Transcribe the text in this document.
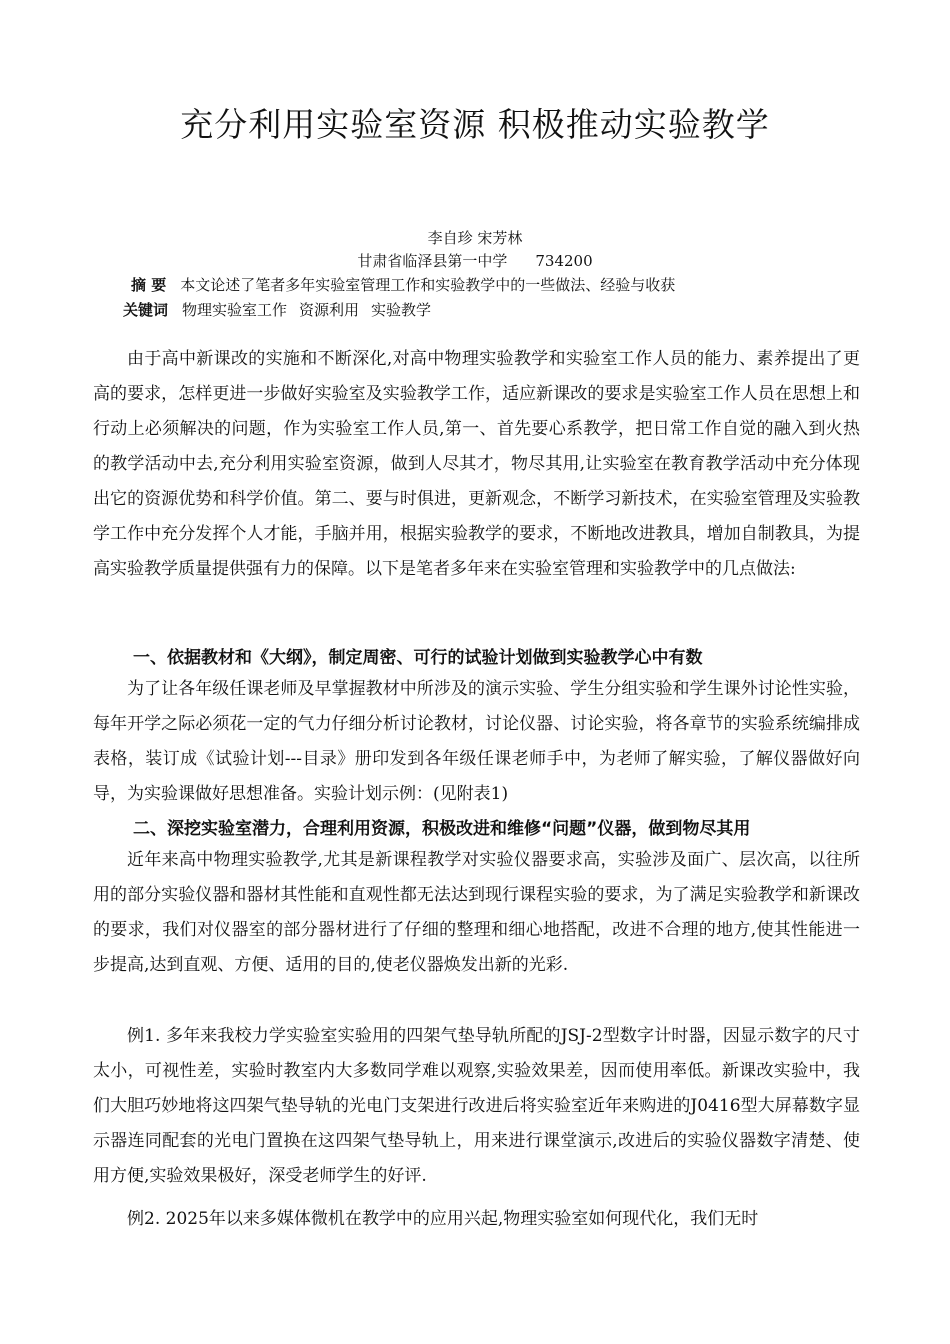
充分利用实验室资源 积极推动实验教学
李自珍 宋芳林
甘肃省临泽县第一中学 734200
摘 要 本文论述了笔者多年实验室管理工作和实验教学中的一些做法、经验与收获
关键词 物理实验室工作 资源利用 实验教学

由于高中新课改的实施和不断深化,对高中物理实验教学和实验室工作人员的能力、素养提出了更高的要求，怎样更进一步做好实验室及实验教学工作，适应新课改的要求是实验室工作人员在思想上和行动上必须解决的问题，作为实验室工作人员,第一、首先要心系教学，把日常工作自觉的融入到火热的教学活动中去,充分利用实验室资源，做到人尽其才，物尽其用,让实验室在教育教学活动中充分体现出它的资源优势和科学价值。第二、要与时俱进，更新观念，不断学习新技术，在实验室管理及实验教学工作中充分发挥个人才能，手脑并用，根据实验教学的要求，不断地改进教具，增加自制教具，为提高实验教学质量提供强有力的保障。以下是笔者多年来在实验室管理和实验教学中的几点做法:

一、依据教材和《大纲》，制定周密、可行的试验计划做到实验教学心中有数

为了让各年级任课老师及早掌握教材中所涉及的演示实验、学生分组实验和学生课外讨论性实验，每年开学之际必须花一定的气力仔细分析讨论教材，讨论仪器、讨论实验，将各章节的实验系统编排成表格，装订成《试验计划---目录》册印发到各年级任课老师手中，为老师了解实验，了解仪器做好向导，为实验课做好思想准备。实验计划示例：(见附表1)

二、深挖实验室潜力，合理利用资源，积极改进和维修“问题”仪器，做到物尽其用

近年来高中物理实验教学,尤其是新课程教学对实验仪器要求高，实验涉及面广、层次高，以往所用的部分实验仪器和器材其性能和直观性都无法达到现行课程实验的要求，为了满足实验教学和新课改的要求，我们对仪器室的部分器材进行了仔细的整理和细心地搭配，改进不合理的地方,使其性能进一步提高,达到直观、方便、适用的目的,使老仪器焕发出新的光彩.

例1. 多年来我校力学实验室实验用的四架气垫导轨所配的JSJ-2型数字计时器，因显示数字的尺寸太小，可视性差，实验时教室内大多数同学难以观察,实验效果差，因而使用率低。新课改实验中，我们大胆巧妙地将这四架气垫导轨的光电门支架进行改进后将实验室近年来购进的J0416型大屏幕数字显示器连同配套的光电门置换在这四架气垫导轨上，用来进行课堂演示,改进后的实验仪器数字清楚、使用方便,实验效果极好，深受老师学生的好评.

例2. 2025年以来多媒体微机在教学中的应用兴起,物理实验室如何现代化，我们无时
